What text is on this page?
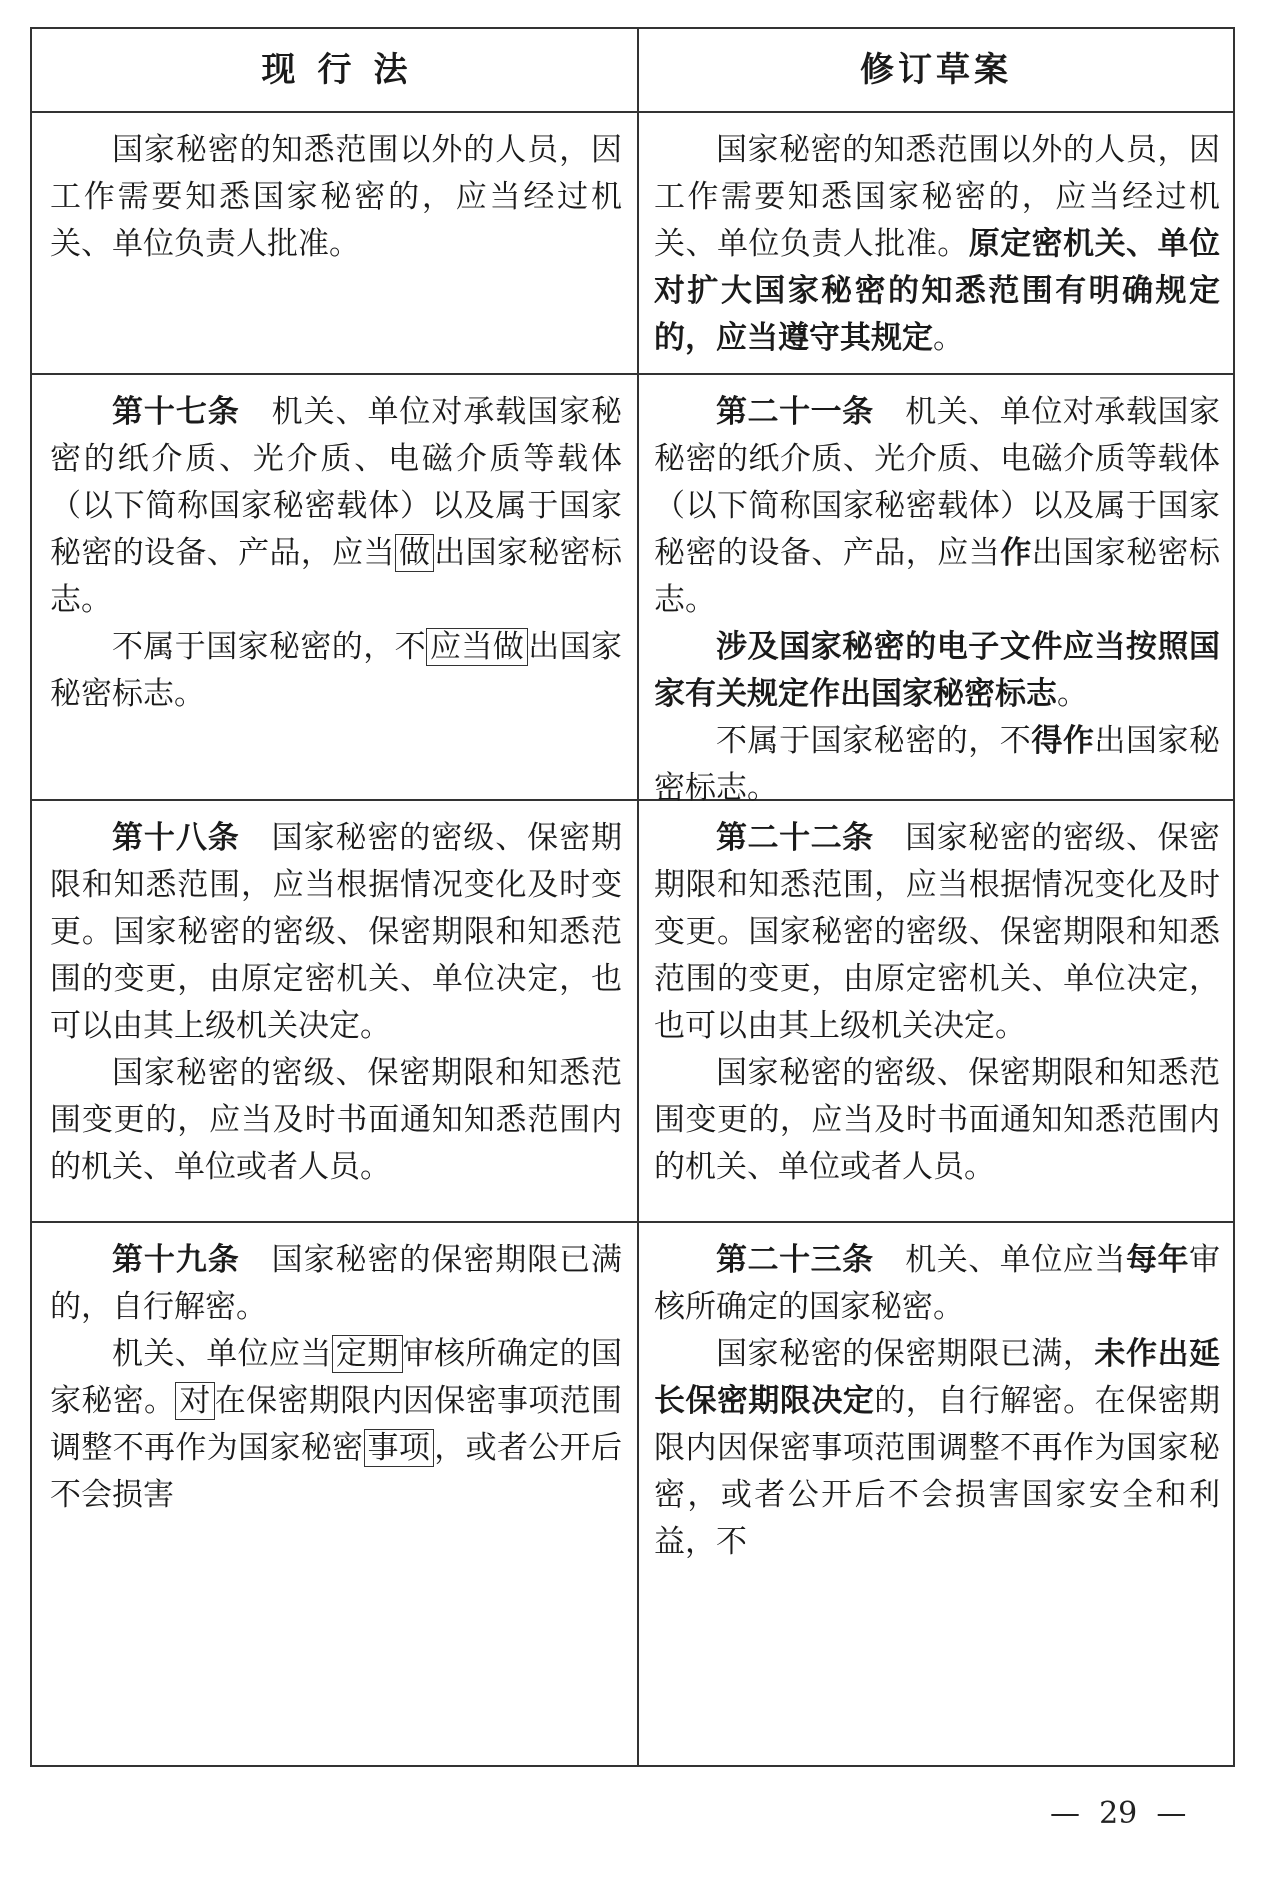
现行法	修订草案

国家秘密的知悉范围以外的人员，因工作需要知悉国家秘密的，应当经过机关、单位负责人批准。

国家秘密的知悉范围以外的人员，因工作需要知悉国家秘密的，应当经过机关、单位负责人批准。原定密机关、单位对扩大国家秘密的知悉范围有明确规定的，应当遵守其规定。

第十七条　机关、单位对承载国家秘密的纸介质、光介质、电磁介质等载体（以下简称国家秘密载体）以及属于国家秘密的设备、产品，应当 做 出国家秘密标志。

不属于国家秘密的，不 应当做 出国家秘密标志。

第二十一条　机关、单位对承载国家秘密的纸介质、光介质、电磁介质等载体（以下简称国家秘密载体）以及属于国家秘密的设备、产品，应当作出国家秘密标志。

涉及国家秘密的电子文件应当按照国家有关规定作出国家秘密标志。

不属于国家秘密的，不得作出国家秘密标志。

第十八条　国家秘密的密级、保密期限和知悉范围，应当根据情况变化及时变更。国家秘密的密级、保密期限和知悉范围的变更，由原定密机关、单位决定，也可以由其上级机关决定。

国家秘密的密级、保密期限和知悉范围变更的，应当及时书面通知知悉范围内的机关、单位或者人员。

第二十二条　国家秘密的密级、保密期限和知悉范围，应当根据情况变化及时变更。国家秘密的密级、保密期限和知悉范围的变更，由原定密机关、单位决定，也可以由其上级机关决定。

国家秘密的密级、保密期限和知悉范围变更的，应当及时书面通知知悉范围内的机关、单位或者人员。

第十九条　国家秘密的保密期限已满的，自行解密。

机关、单位应当 定期 审核所确定的国家秘密。 对 在保密期限内因保密事项范围调整不再作为国家秘密 事项 ，或者公开后不会损害

第二十三条　机关、单位应当每年审核所确定的国家秘密。

国家秘密的保密期限已满，未作出延长保密期限决定的，自行解密。在保密期限内因保密事项范围调整不再作为国家秘密，或者公开后不会损害国家安全和利益，不

—  29  —
